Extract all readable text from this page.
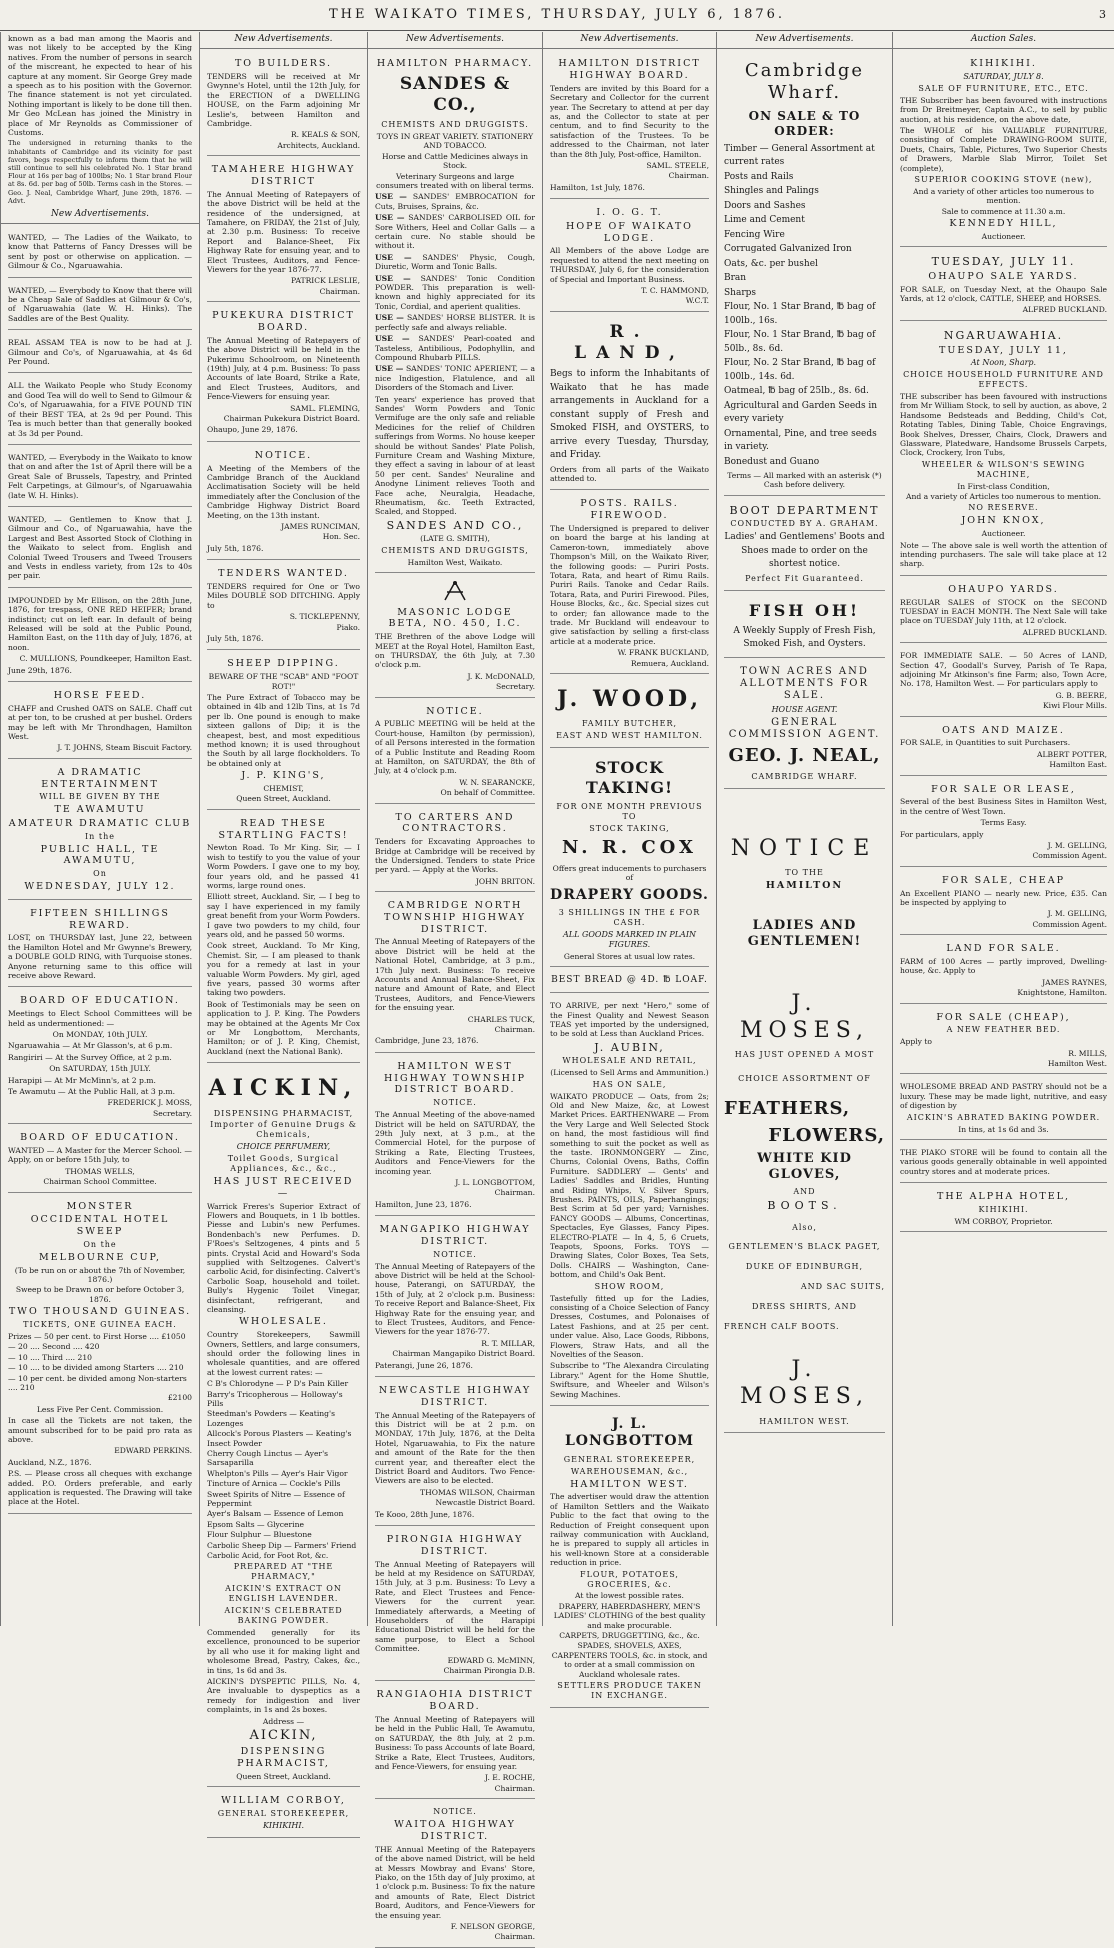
THE WAIKATO TIMES, THURSDAY, JULY 6, 1876.	3

known as a bad man among the Maoris and was not likely to be accepted by the King natives. From the number of persons in search of the miscreant, he expected to hear of his capture at any moment. Sir George Grey made a speech as to his position with the Governor. The finance statement is not yet circulated. Nothing important is likely to be done till then. Mr Geo McLean has joined the Ministry in place of Mr Reynolds as Commissioner of Customs.

The undersigned in returning thanks to the inhabitants of Cambridge and its vicinity for past favors, begs respectfully to inform them that he will still continue to sell his celebrated No. 1 Star brand Flour at 16s per bag of 100lbs; No. 1 Star brand Flour at 8s. 6d. per bag of 50lb. Terms cash in the Stores. — Geo. J. Neal, Cambridge Wharf, June 29th, 1876. — Advt.

New Advertisements.

WANTED, — The Ladies of the Waikato, to know that Patterns of Fancy Dresses will be sent by post or otherwise on application. — Gilmour & Co., Ngaruawahia.

WANTED, — Everybody to Know that there will be a Cheap Sale of Saddles at Gilmour & Co's, of Ngaruawahia (late W. H. Hinks). The Saddles are of the Best Quality.

REAL ASSAM TEA is now to be had at J. Gilmour and Co's, of Ngaruawahia, at 4s 6d Per Pound.

ALL the Waikato People who Study Economy and Good Tea will do well to Send to Gilmour & Co's, of Ngaruawahia, for a FIVE POUND TIN of their BEST TEA, at 2s 9d per Pound. This Tea is much better than that generally booked at 3s 3d per Pound.

WANTED, — Everybody in the Waikato to know that on and after the 1st of April there will be a Great Sale of Brussels, Tapestry, and Printed Felt Carpetings, at Gilmour's, of Ngaruawahia (late W. H. Hinks).

WANTED, — Gentlemen to Know that J. Gilmour and Co., of Ngaruawahia, have the Largest and Best Assorted Stock of Clothing in the Waikato to select from. English and Colonial Tweed Trousers and Tweed Trousers and Vests in endless variety, from 12s to 40s per pair.

IMPOUNDED by Mr Ellison, on the 28th June, 1876, for trespass, ONE RED HEIFER; brand indistinct; cut on left ear. In default of being Released will be sold at the Public Pound, Hamilton East, on the 11th day of July, 1876, at noon.

C. MULLIONS, Poundkeeper, Hamilton East.

June 29th, 1876.

HORSE FEED.

CHAFF and Crushed OATS on SALE. Chaff cut at per ton, to be crushed at per bushel. Orders may be left with Mr Throndhagen, Hamilton West.

J. T. JOHNS, Steam Biscuit Factory.

A DRAMATIC ENTERTAINMENT
WILL BE GIVEN BY THE
TE AWAMUTU
AMATEUR DRAMATIC CLUB
In the
PUBLIC HALL, TE AWAMUTU,
On
WEDNESDAY, JULY 12.
FIFTEEN SHILLINGS REWARD.

LOST, on THURSDAY last, June 22, between the Hamilton Hotel and Mr Gwynne's Brewery, a DOUBLE GOLD RING, with Turquoise stones. Anyone returning same to this office will receive above Reward.

BOARD OF EDUCATION.

Meetings to Elect School Committees will be held as undermentioned: —

On MONDAY, 10th JULY.

Ngaruawahia — At Mr Glasson's, at 6 p.m.

Rangiriri — At the Survey Office, at 2 p.m.

On SATURDAY, 15th JULY.

Harapipi — At Mr McMinn's, at 2 p.m.

Te Awamutu — At the Public Hall, at 3 p.m.

FREDERICK J. MOSS,

Secretary.

BOARD OF EDUCATION.

WANTED — A Master for the Mercer School. — Apply, on or before 15th July, to

THOMAS WELLS,

Chairman School Committee.

MONSTER
OCCIDENTAL HOTEL SWEEP
On the
MELBOURNE CUP,

(To be run on or about the 7th of November, 1876.)

Sweep to be Drawn on or before October 3, 1876.

TWO THOUSAND GUINEAS.
TICKETS, ONE GUINEA EACH.
Prizes — 50 per cent. to First Horse .... £1050
— 20 .... Second .... 420
— 10 .... Third .... 210
— 10 .... to be divided among Starters .... 210
— 10 per cent. be divided among Non-starters .... 210
£2100

Less Five Per Cent. Commission.

In case all the Tickets are not taken, the amount subscribed for to be paid pro rata as above.

EDWARD PERKINS.

Auckland, N.Z., 1876.

P.S. — Please cross all cheques with exchange added. P.O. Orders preferable, and early application is requested. The Drawing will take place at the Hotel.

New Advertisements.
TO BUILDERS.

TENDERS will be received at Mr Gwynne's Hotel, until the 12th July, for the ERECTION of a DWELLING HOUSE, on the Farm adjoining Mr Leslie's, between Hamilton and Cambridge.

R. KEALS & SON,

Architects, Auckland.

TAMAHERE HIGHWAY DISTRICT

The Annual Meeting of Ratepayers of the above District will be held at the residence of the undersigned, at Tamahere, on FRIDAY, the 21st of July, at 2.30 p.m. Business: To receive Report and Balance-Sheet, Fix Highway Rate for ensuing year, and to Elect Trustees, Auditors, and Fence-Viewers for the year 1876-77.

PATRICK LESLIE,

Chairman.

PUKEKURA DISTRICT BOARD.

The Annual Meeting of Ratepayers of the above District will be held in the Pukerimu Schoolroom, on Nineteenth (19th) July, at 4 p.m. Business: To pass Accounts of late Board, Strike a Rate, and Elect Trustees, Auditors, and Fence-Viewers for ensuing year.

SAML. FLEMING,

Chairman Pukekura District Board.

Ohaupo, June 29, 1876.

NOTICE.

A Meeting of the Members of the Cambridge Branch of the Auckland Acclimatisation Society will be held immediately after the Conclusion of the Cambridge Highway District Board Meeting, on the 13th instant.

JAMES RUNCIMAN,

Hon. Sec.

July 5th, 1876.

TENDERS WANTED.

TENDERS required for One or Two Miles DOUBLE SOD DITCHING. Apply to

S. TICKLEPENNY,

Piako.

July 5th, 1876.

SHEEP DIPPING.

BEWARE OF THE "SCAB" AND "FOOT ROT!"

The Pure Extract of Tobacco may be obtained in 4lb and 12lb Tins, at 1s 7d per lb. One pound is enough to make sixteen gallons of Dip; it is the cheapest, best, and most expeditious method known; it is used throughout the South by all large flockholders. To be obtained only at

J. P. KING'S,

CHEMIST,

Queen Street, Auckland.

READ THESE STARTLING FACTS!

Newton Road. To Mr King. Sir, — I wish to testify to you the value of your Worm Powders. I gave one to my boy, four years old, and he passed 41 worms, large round ones.

Elliott street, Auckland. Sir, — I beg to say I have experienced in my family great benefit from your Worm Powders. I gave two powders to my child, four years old, and he passed 50 worms.

Cook street, Auckland. To Mr King, Chemist. Sir, — I am pleased to thank you for a remedy at last in your valuable Worm Powders. My girl, aged five years, passed 30 worms after taking two powders.

Book of Testimonials may be seen on application to J. P. King. The Powders may be obtained at the Agents Mr Cox or Mr Longbottom, Merchants, Hamilton; or of J. P. King, Chemist, Auckland (next the National Bank).

AICKIN,
DISPENSING PHARMACIST,
Importer of Genuine Drugs & Chemicals,
CHOICE PERFUMERY,
Toilet Goods, Surgical Appliances, &c., &c.,
HAS JUST RECEIVED —

Warrick Freres's Superior Extract of Flowers and Bouquets, in 1 lb bottles. Piesse and Lubin's new Perfumes. Bondenbach's new Perfumes. D. F'Roes's Seltzogenes, 4 pints and 5 pints. Crystal Acid and Howard's Soda supplied with Seltzogenes. Calvert's carbolic Acid, for disinfecting. Calvert's Carbolic Soap, household and toilet. Bully's Hygenic Toilet Vinegar, disinfectant, refrigerant, and cleansing.

WHOLESALE.

Country Storekeepers, Sawmill Owners, Settlers, and large consumers, should order the following lines in wholesale quantities, and are offered at the lowest current rates: —

C B's Chlorodyne — P D's Pain Killer
Barry's Tricopherous — Holloway's Pills
Steedman's Powders — Keating's Lozenges
Allcock's Porous Plasters — Keating's Insect Powder
Cherry Cough Linctus — Ayer's Sarsaparilla
Whelpton's Pills — Ayer's Hair Vigor
Tincture of Arnica — Cockle's Pills
Sweet Spirits of Nitre — Essence of Peppermint
Ayer's Balsam — Essence of Lemon
Epsom Salts — Glycerine
Flour Sulphur — Bluestone
Carbolic Sheep Dip — Farmers' Friend
Carbolic Acid, for Foot Rot, &c.
PREPARED AT "THE PHARMACY,"
AICKIN'S EXTRACT ON ENGLISH LAVENDER.
AICKIN'S CELEBRATED BAKING POWDER.

Commended generally for its excellence, pronounced to be superior by all who use it for making light and wholesome Bread, Pastry, Cakes, &c., in tins, 1s 6d and 3s.

AICKIN'S DYSPEPTIC PILLS, No. 4, Are invaluable to dyspeptics as a remedy for indigestion and liver complaints, in 1s and 2s boxes.

Address —

AICKIN,
DISPENSING PHARMACIST,

Queen Street, Auckland.

WILLIAM CORBOY,
GENERAL STOREKEEPER,
KIHIKIHI.
New Advertisements.
HAMILTON PHARMACY.
SANDES & CO.,
CHEMISTS AND DRUGGISTS.

TOYS IN GREAT VARIETY. STATIONERY AND TOBACCO.

Horse and Cattle Medicines always in Stock.

Veterinary Surgeons and large consumers treated with on liberal terms.

USE — SANDES' EMBROCATION for Cuts, Bruises, Sprains, &c.

USE — SANDES' CARBOLISED OIL for Sore Withers, Heel and Collar Galls — a certain cure. No stable should be without it.

USE — SANDES' Physic, Cough, Diuretic, Worm and Tonic Balls.

USE — SANDES' Tonic Condition POWDER. This preparation is well-known and highly appreciated for its Tonic, Cordial, and aperient qualities.

USE — SANDES' HORSE BLISTER. It is perfectly safe and always reliable.

USE — SANDES' Pearl-coated and Tasteless, Antibilious, Podophyllin, and Compound Rhubarb PILLS.

USE — SANDES' TONIC APERIENT, — a nice Indigestion, Flatulence, and all Disorders of the Stomach and Liver.

Ten years' experience has proved that Sandes' Worm Powders and Tonic Vermifuge are the only safe and reliable Medicines for the relief of Children sufferings from Worms. No house keeper should be without Sandes' Plate Polish, Furniture Cream and Washing Mixture, they effect a saving in labour of at least 50 per cent. Sandes' Neuraline and Anodyne Liniment relieves Tooth and Face ache, Neuralgia, Headache, Rheumatism, &c. Teeth Extracted, Scaled, and Stopped.

SANDES AND CO.,

(LATE G. SMITH),

CHEMISTS AND DRUGGISTS,

Hamilton West, Waikato.

MASONIC LODGE BETA, NO. 450, I.C.

THE Brethren of the above Lodge will MEET at the Royal Hotel, Hamilton East, on THURSDAY, the 6th July, at 7.30 o'clock p.m.

J. K. McDONALD,

Secretary.

NOTICE.

A PUBLIC MEETING will be held at the Court-house, Hamilton (by permission), of all Persons interested in the formation of a Public Institute and Reading Room at Hamilton, on SATURDAY, the 8th of July, at 4 o'clock p.m.

W. N. SEARANCKE,

On behalf of Committee.

TO CARTERS AND CONTRACTORS.

Tenders for Excavating Approaches to Bridge at Cambridge will be received by the Undersigned. Tenders to state Price per yard. — Apply at the Works.

JOHN BRITON.

CAMBRIDGE NORTH TOWNSHIP HIGHWAY DISTRICT.

The Annual Meeting of Ratepayers of the above District will be held at the National Hotel, Cambridge, at 3 p.m., 17th July next. Business: To receive Accounts and Annual Balance-Sheet, Fix nature and Amount of Rate, and Elect Trustees, Auditors, and Fence-Viewers for the ensuing year.

CHARLES TUCK,

Chairman.

Cambridge, June 23, 1876.

HAMILTON WEST HIGHWAY TOWNSHIP DISTRICT BOARD.
NOTICE.

The Annual Meeting of the above-named District will be held on SATURDAY, the 29th July next, at 3 p.m., at the Commercial Hotel, for the purpose of Striking a Rate, Electing Trustees, Auditors and Fence-Viewers for the incoming year.

J. L. LONGBOTTOM,

Chairman.

Hamilton, June 23, 1876.

MANGAPIKO HIGHWAY DISTRICT.
NOTICE.

The Annual Meeting of Ratepayers of the above District will be held at the School-house, Paterangi, on SATURDAY, the 15th of July, at 2 o'clock p.m. Business: To receive Report and Balance-Sheet, Fix Highway Rate for the ensuing year, and to Elect Trustees, Auditors, and Fence-Viewers for the year 1876-77.

R. T. MILLAR,

Chairman Mangapiko District Board.

Paterangi, June 26, 1876.

NEWCASTLE HIGHWAY DISTRICT.

The Annual Meeting of the Ratepayers of this District will be at 2 p.m. on MONDAY, 17th July, 1876, at the Delta Hotel, Ngaruawahia, to Fix the nature and amount of the Rate for the then current year, and thereafter elect the District Board and Auditors. Two Fence-Viewers are also to be elected.

THOMAS WILSON, Chairman

Newcastle District Board.

Te Kooo, 28th June, 1876.

PIRONGIA HIGHWAY DISTRICT.

The Annual Meeting of Ratepayers will be held at my Residence on SATURDAY, 15th July, at 3 p.m. Business: To Levy a Rate, and Elect Trustees and Fence-Viewers for the current year. Immediately afterwards, a Meeting of Householders of the Harapipi Educational District will be held for the same purpose, to Elect a School Committee.

EDWARD G. McMINN,

Chairman Pirongia D.B.

RANGIAOHIA DISTRICT BOARD.

The Annual Meeting of Ratepayers will be held in the Public Hall, Te Awamutu, on SATURDAY, the 8th July, at 2 p.m. Business: To pass Accounts of late Board, Strike a Rate, Elect Trustees, Auditors, and Fence-Viewers, for ensuing year.

J. E. ROCHE,

Chairman.

NOTICE.
WAITOA HIGHWAY DISTRICT.

THE Annual Meeting of the Ratepayers of the above named District, will be held at Messrs Mowbray and Evans' Store, Piako, on the 15th day of July proximo, at 1 o'clock p.m. Business: To fix the nature and amounts of Rate, Elect District Board, Auditors, and Fence-Viewers for the ensuing year.

F. NELSON GEORGE,

Chairman.

New Advertisements.
HAMILTON DISTRICT HIGHWAY BOARD.

Tenders are invited by this Board for a Secretary and Collector for the current year. The Secretary to attend at per day as, and the Collector to state at per centum, and to find Security to the satisfaction of the Trustees. To be addressed to the Chairman, not later than the 8th July, Post-office, Hamilton.

SAML. STEELE,

Chairman.

Hamilton, 1st July, 1876.

I. O. G. T.
HOPE OF WAIKATO LODGE.

All Members of the above Lodge are requested to attend the next meeting on THURSDAY, July 6, for the consideration of Special and Important Business.

T. C. HAMMOND,

W.C.T.

R. LAND,

Begs to inform the Inhabitants of Waikato that he has made arrangements in Auckland for a constant supply of Fresh and Smoked FISH, and OYSTERS, to arrive every Tuesday, Thursday, and Friday.

Orders from all parts of the Waikato attended to.

POSTS. RAILS. FIREWOOD.

The Undersigned is prepared to deliver on board the barge at his landing at Cameron-town, immediately above Thompson's Mill, on the Waikato River, the following goods: — Puriri Posts. Totara, Rata, and heart of Rimu Rails. Puriri Rails. Tanoke and Cedar Rails. Totara, Rata, and Puriri Firewood. Piles, House Blocks, &c., &c. Special sizes cut to order; fan allowance made to the trade. Mr Buckland will endeavour to give satisfaction by selling a first-class article at a moderate price.

W. FRANK BUCKLAND,

Remuera, Auckland.

J. WOOD,
FAMILY BUTCHER,
EAST AND WEST HAMILTON.
STOCK TAKING!
FOR ONE MONTH PREVIOUS TO
STOCK TAKING,
N. R. COX

Offers great inducements to purchasers of

DRAPERY GOODS.
3 SHILLINGS IN THE £ FOR CASH.
ALL GOODS MARKED IN PLAIN FIGURES.

General Stores at usual low rates.

BEST BREAD @ 4D. ℔ LOAF.

TO ARRIVE, per next "Hero," some of the Finest Quality and Newest Season TEAS yet imported by the undersigned, to be sold at Less than Auckland Prices.

J. AUBIN,
WHOLESALE AND RETAIL,

(Licensed to Sell Arms and Ammunition.)

HAS ON SALE,

WAIKATO PRODUCE — Oats, from 2s; Old and New Maize, &c, at Lowest Market Prices. EARTHENWARE — From the Very Large and Well Selected Stock on hand, the most fastidious will find something to suit the pocket as well as the taste. IRONMONGERY — Zinc, Churns, Colonial Ovens, Baths, Coffin Furniture. SADDLERY — Gents' and Ladies' Saddles and Bridles, Hunting and Riding Whips, V. Silver Spurs, Brushes. PAINTS, OILS, Paperhangings; Best Scrim at 5d per yard; Varnishes. FANCY GOODS — Albums, Concertinas, Spectacles, Eye Glasses, Fancy Pipes. ELECTRO-PLATE — In 4, 5, 6 Cruets, Teapots, Spoons, Forks. TOYS — Drawing Slates, Color Boxes, Tea Sets, Dolls. CHAIRS — Washington, Cane-bottom, and Child's Oak Bent.

SHOW ROOM,

Tastefully fitted up for the Ladies, consisting of a Choice Selection of Fancy Dresses, Costumes, and Polonaises of Latest Fashions, and at 25 per cent. under value. Also, Lace Goods, Ribbons, Flowers, Straw Hats, and all the Novelties of the Season.

Subscribe to "The Alexandra Circulating Library." Agent for the Home Shuttle, Swiftsure, and Wheeler and Wilson's Sewing Machines.

J. L. LONGBOTTOM
GENERAL STOREKEEPER,
WAREHOUSEMAN, &c.,
HAMILTON WEST.

The advertiser would draw the attention of Hamilton Settlers and the Waikato Public to the fact that owing to the Reduction of Freight consequent upon railway communication with Auckland, he is prepared to supply all articles in his well-known Store at a considerable reduction in price.

FLOUR, POTATOES, GROCERIES, &c.

At the lowest possible rates.

DRAPERY, HABERDASHERY, MEN'S LADIES' CLOTHING of the best quality and make procurable.

CARPETS, DRUGGETTING, &c., &c.

SPADES, SHOVELS, AXES, CARPENTERS TOOLS, &c. in stock, and to order at a small commission on Auckland wholesale rates.

SETTLERS PRODUCE TAKEN IN EXCHANGE.
New Advertisements.
Cambridge Wharf.
ON SALE & TO ORDER:
Timber — General Assortment at current rates
Posts and Rails
Shingles and Palings
Doors and Sashes
Lime and Cement
Fencing Wire
Corrugated Galvanized Iron
Oats, &c. per bushel
Bran
Sharps
Flour, No. 1 Star Brand, ℔ bag of 100lb., 16s.
Flour, No. 1 Star Brand, ℔ bag of 50lb., 8s. 6d.
Flour, No. 2 Star Brand, ℔ bag of 100lb., 14s. 6d.
Oatmeal, ℔ bag of 25lb., 8s. 6d.
Agricultural and Garden Seeds in every variety
Ornamental, Pine, and tree seeds in variety.
Bonedust and Guano

Terms — All marked with an asterisk (*) Cash before delivery.

BOOT DEPARTMENT
CONDUCTED BY A. GRAHAM.

Ladies' and Gentlemens' Boots and Shoes made to order on the shortest notice.

Perfect Fit Guaranteed.
FISH OH!

A Weekly Supply of Fresh Fish, Smoked Fish, and Oysters.

TOWN ACRES AND ALLOTMENTS FOR SALE.
HOUSE AGENT.
GENERAL COMMISSION AGENT.
GEO. J. NEAL,
CAMBRIDGE WHARF.
NOTICE
TO THE
HAMILTON
LADIES AND GENTLEMEN!
J. MOSES,
HAS JUST OPENED A MOST
CHOICE ASSORTMENT OF
FEATHERS,
FLOWERS,
WHITE KID GLOVES,
AND
BOOTS.
Also,
GENTLEMEN'S BLACK PAGET,
DUKE OF EDINBURGH,
AND SAC SUITS,
DRESS SHIRTS, AND
FRENCH CALF BOOTS.
J. MOSES,
HAMILTON WEST.
Auction Sales.
KIHIKIHI.
SATURDAY, JULY 8.
SALE OF FURNITURE, ETC., ETC.

THE Subscriber has been favoured with instructions from Dr Breitmeyer, Captain A.C., to sell by public auction, at his residence, on the above date,

The WHOLE of his VALUABLE FURNITURE, consisting of Complete DRAWING-ROOM SUITE, Duets, Chairs, Table, Pictures, Two Superior Chests of Drawers, Marble Slab Mirror, Toilet Set (complete),

SUPERIOR COOKING STOVE (new),

And a variety of other articles too numerous to mention.

Sale to commence at 11.30 a.m.

KENNEDY HILL,

Auctioneer.

TUESDAY, JULY 11.
OHAUPO SALE YARDS.

FOR SALE, on Tuesday Next, at the Ohaupo Sale Yards, at 12 o'clock, CATTLE, SHEEP, and HORSES.

ALFRED BUCKLAND.

NGARUAWAHIA.
TUESDAY, JULY 11,
At Noon, Sharp.
CHOICE HOUSEHOLD FURNITURE AND EFFECTS.

THE subscriber has been favoured with instructions from Mr William Stock, to sell by auction, as above, 2 Handsome Bedsteads and Bedding, Child's Cot, Rotating Tables, Dining Table, Choice Engravings, Book Shelves, Dresser, Chairs, Clock, Drawers and Glassware, Platedware, Handsome Brussels Carpets, Clock, Crockery, Iron Tubs,

WHEELER & WILSON'S SEWING MACHINE,

In First-class Condition,

And a variety of Articles too numerous to mention.

NO RESERVE.
JOHN KNOX,

Auctioneer.

Note — The above sale is well worth the attention of intending purchasers. The sale will take place at 12 sharp.

OHAUPO YARDS.

REGULAR SALES of STOCK on the SECOND TUESDAY in EACH MONTH. The Next Sale will take place on TUESDAY July 11th, at 12 o'clock.

ALFRED BUCKLAND.

FOR IMMEDIATE SALE. — 50 Acres of LAND, Section 47, Goodall's Survey, Parish of Te Rapa, adjoining Mr Atkinson's fine Farm; also, Town Acre, No. 178, Hamilton West. — For particulars apply to

G. B. BEERE,

Kiwi Flour Mills.

OATS AND MAIZE.

FOR SALE, in Quantities to suit Purchasers.

ALBERT POTTER,

Hamilton East.

FOR SALE OR LEASE,

Several of the best Business Sites in Hamilton West, in the centre of West Town.

Terms Easy.

For particulars, apply

J. M. GELLING,

Commission Agent.

FOR SALE, CHEAP

An Excellent PIANO — nearly new. Price, £35. Can be inspected by applying to

J. M. GELLING,

Commission Agent.

LAND FOR SALE.

FARM of 100 Acres — partly improved, Dwelling-house, &c. Apply to

JAMES RAYNES,

Knightstone, Hamilton.

FOR SALE (CHEAP),
A NEW FEATHER BED.

Apply to

R. MILLS,

Hamilton West.

WHOLESOME BREAD AND PASTRY should not be a luxury. These may be made light, nutritive, and easy of digestion by

AICKIN'S ABRATED BAKING POWDER.

In tins, at 1s 6d and 3s.

THE PIAKO STORE will be found to contain all the various goods generally obtainable in well appointed country stores and at moderate prices.

THE ALPHA HOTEL,
KIHIKIHI.

WM CORBOY, Proprietor.
